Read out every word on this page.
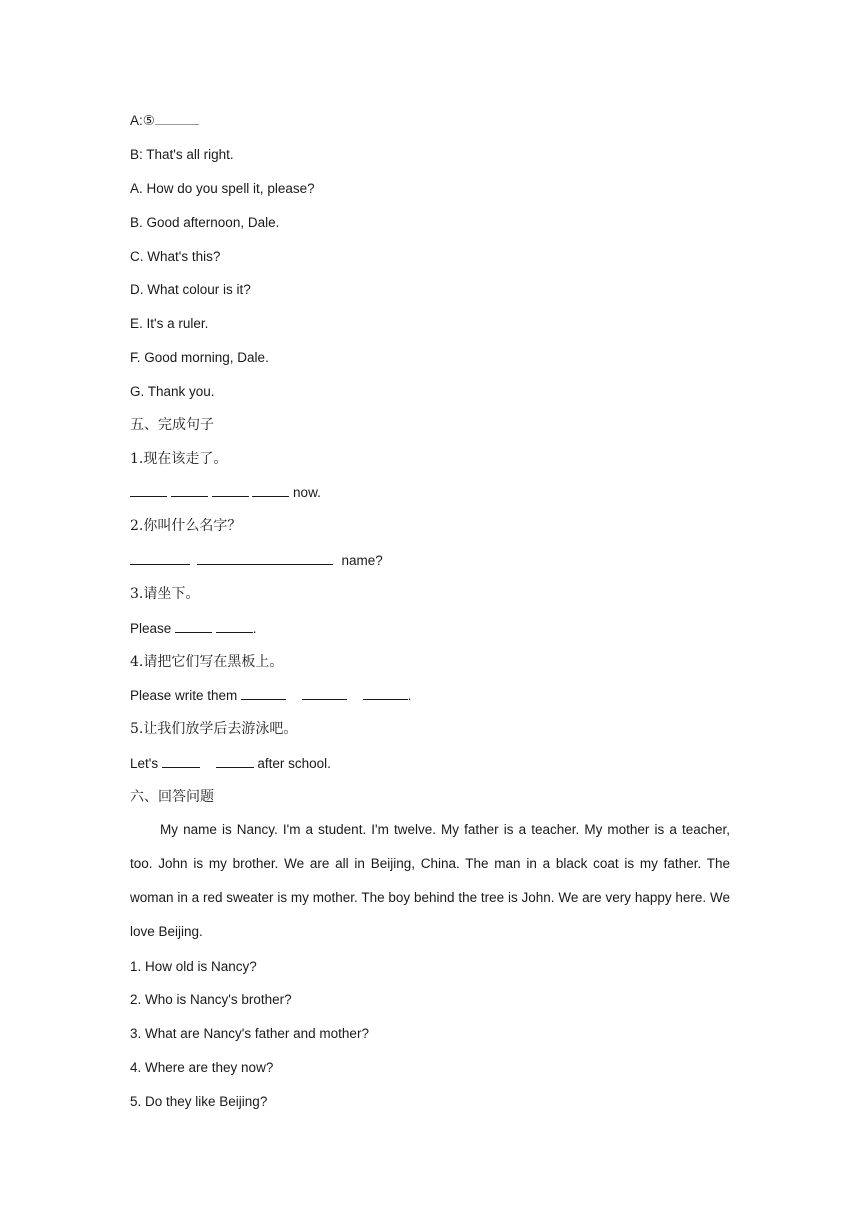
A:⑤
B: That's all right.
A. How do you spell it, please?
B. Good afternoon, Dale.
C. What's this?
D. What colour is it?
E. It's a ruler.
F. Good morning, Dale.
G. Thank you.
五、完成句子
1.现在该走了。
now.
2.你叫什么名字？
name?
3.请坐下。
Please	.
4.请把它们写在黑板上。
Please write them	.
5.让我们放学后去游泳吧。
Let's	after school.
六、回答问题
My name is Nancy. I'm a student. I'm twelve. My father is a teacher. My mother is a teacher, too. John is my brother. We are all in Beijing, China. The man in a black coat is my father. The woman in a red sweater is my mother. The boy behind the tree is John. We are very happy here. We love Beijing.
1. How old is Nancy?
2. Who is Nancy's brother?
3. What are Nancy's father and mother?
4. Where are they now?
5. Do they like Beijing?
